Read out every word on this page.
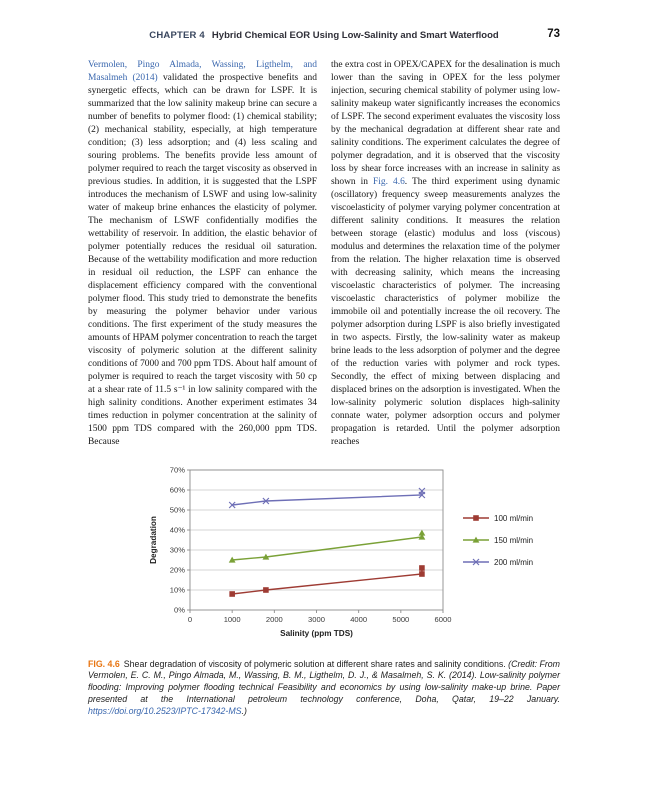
CHAPTER 4 Hybrid Chemical EOR Using Low-Salinity and Smart Waterflood	73

Vermolen, Pingo Almada, Wassing, Ligthelm, and Masalmeh (2014) validated the prospective benefits and synergetic effects, which can be drawn for LSPF. It is summarized that the low salinity makeup brine can secure a number of benefits to polymer flood: (1) chemical stability; (2) mechanical stability, especially, at high temperature condition; (3) less adsorption; and (4) less scaling and souring problems. The benefits provide less amount of polymer required to reach the target viscosity as observed in previous studies. In addition, it is suggested that the LSPF introduces the mechanism of LSWF and using low-salinity water of makeup brine enhances the elasticity of polymer. The mechanism of LSWF confidentially modifies the wettability of reservoir. In addition, the elastic behavior of polymer potentially reduces the residual oil saturation. Because of the wettability modification and more reduction in residual oil reduction, the LSPF can enhance the displacement efficiency compared with the conventional polymer flood. This study tried to demonstrate the benefits by measuring the polymer behavior under various conditions. The first experiment of the study measures the amounts of HPAM polymer concentration to reach the target viscosity of polymeric solution at the different salinity conditions of 7000 and 700 ppm TDS. About half amount of polymer is required to reach the target viscosity with 50 cp at a shear rate of 11.5 s⁻¹ in low salinity compared with the high salinity conditions. Another experiment estimates 34 times reduction in polymer concentration at the salinity of 1500 ppm TDS compared with the 260,000 ppm TDS. Because

the extra cost in OPEX/CAPEX for the desalination is much lower than the saving in OPEX for the less polymer injection, securing chemical stability of polymer using low-salinity makeup water significantly increases the economics of LSPF. The second experiment evaluates the viscosity loss by the mechanical degradation at different shear rate and salinity conditions. The experiment calculates the degree of polymer degradation, and it is observed that the viscosity loss by shear force increases with an increase in salinity as shown in Fig. 4.6. The third experiment using dynamic (oscillatory) frequency sweep measurements analyzes the viscoelasticity of polymer varying polymer concentration at different salinity conditions. It measures the relation between storage (elastic) modulus and loss (viscous) modulus and determines the relaxation time of the polymer from the relation. The higher relaxation time is observed with decreasing salinity, which means the increasing viscoelastic characteristics of polymer. The increasing viscoelastic characteristics of polymer mobilize the immobile oil and potentially increase the oil recovery. The polymer adsorption during LSPF is also briefly investigated in two aspects. Firstly, the low-salinity water as makeup brine leads to the less adsorption of polymer and the degree of the reduction varies with polymer and rock types. Secondly, the effect of mixing between displacing and displaced brines on the adsorption is investigated. When the low-salinity polymeric solution displaces high-salinity connate water, polymer adsorption occurs and polymer propagation is retarded. Until the polymer adsorption reaches

0%
10%
20%
30%
40%
50%
60%
70%
0	1000	2000	3000	4000	5000	6000
Degradation
Salinity (ppm TDS)
100 ml/min
150 ml/min
200 ml/min
FIG. 4.6 Shear degradation of viscosity of polymeric solution at different share rates and salinity conditions. (Credit: From Vermolen, E. C. M., Pingo Almada, M., Wassing, B. M., Ligthelm, D. J., & Masalmeh, S. K. (2014). Low-salinity polymer flooding: Improving polymer flooding technical Feasibility and economics by using low-salinity make-up brine. Paper presented at the International petroleum technology conference, Doha, Qatar, 19–22 January. https://doi.org/10.2523/IPTC-17342-MS.)
